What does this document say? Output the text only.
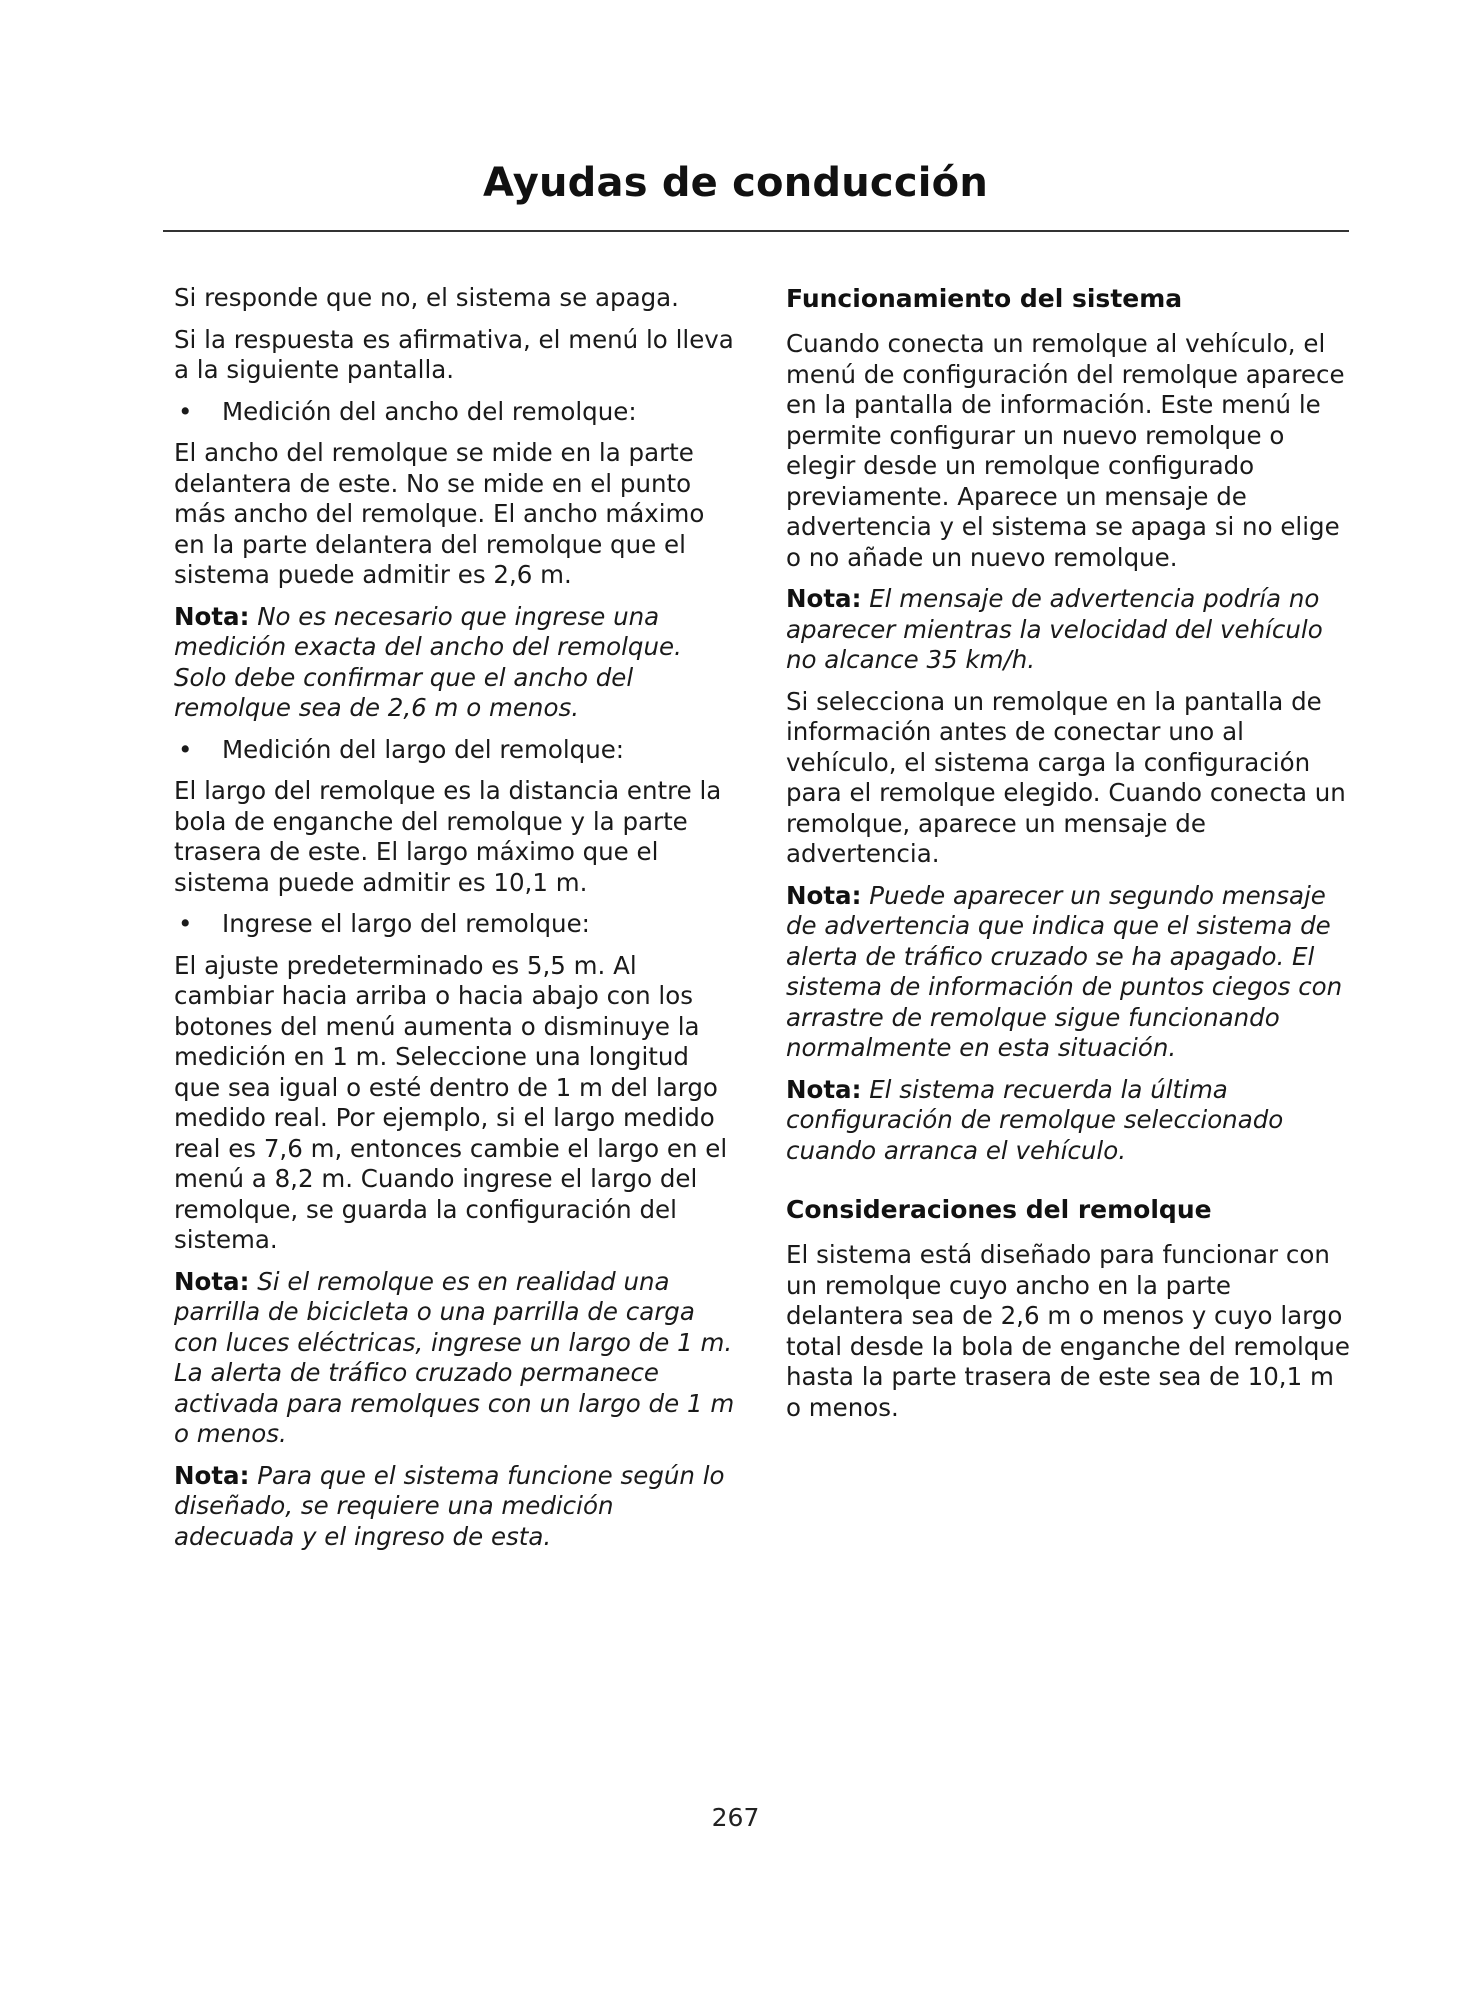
Ayudas de conducción

Si responde que no, el sistema se apaga.

Si la respuesta es afirmativa, el menú lo lleva a la siguiente pantalla.

•	Medición del ancho del remolque:

El ancho del remolque se mide en la parte delantera de este. No se mide en el punto más ancho del remolque. El ancho máximo en la parte delantera del remolque que el sistema puede admitir es 2,6 m.

Nota: No es necesario que ingrese una medición exacta del ancho del remolque. Solo debe confirmar que el ancho del remolque sea de 2,6 m o menos.

•	Medición del largo del remolque:

El largo del remolque es la distancia entre la bola de enganche del remolque y la parte trasera de este. El largo máximo que el sistema puede admitir es 10,1 m.

•	Ingrese el largo del remolque:

El ajuste predeterminado es 5,5 m. Al cambiar hacia arriba o hacia abajo con los botones del menú aumenta o disminuye la medición en 1 m. Seleccione una longitud que sea igual o esté dentro de 1 m del largo medido real. Por ejemplo, si el largo medido real es 7,6 m, entonces cambie el largo en el menú a 8,2 m. Cuando ingrese el largo del remolque, se guarda la configuración del sistema.

Nota: Si el remolque es en realidad una parrilla de bicicleta o una parrilla de carga con luces eléctricas, ingrese un largo de 1 m. La alerta de tráfico cruzado permanece activada para remolques con un largo de 1 m o menos.

Nota: Para que el sistema funcione según lo diseñado, se requiere una medición adecuada y el ingreso de esta.

Funcionamiento del sistema

Cuando conecta un remolque al vehículo, el menú de configuración del remolque aparece en la pantalla de información. Este menú le permite configurar un nuevo remolque o elegir desde un remolque configurado previamente. Aparece un mensaje de advertencia y el sistema se apaga si no elige o no añade un nuevo remolque.

Nota: El mensaje de advertencia podría no aparecer mientras la velocidad del vehículo no alcance 35 km/h.

Si selecciona un remolque en la pantalla de información antes de conectar uno al vehículo, el sistema carga la configuración para el remolque elegido. Cuando conecta un remolque, aparece un mensaje de advertencia.

Nota: Puede aparecer un segundo mensaje de advertencia que indica que el sistema de alerta de tráfico cruzado se ha apagado. El sistema de información de puntos ciegos con arrastre de remolque sigue funcionando normalmente en esta situación.

Nota: El sistema recuerda la última configuración de remolque seleccionado cuando arranca el vehículo.

Consideraciones del remolque

El sistema está diseñado para funcionar con un remolque cuyo ancho en la parte delantera sea de 2,6 m o menos y cuyo largo total desde la bola de enganche del remolque hasta la parte trasera de este sea de 10,1 m o menos.

267
